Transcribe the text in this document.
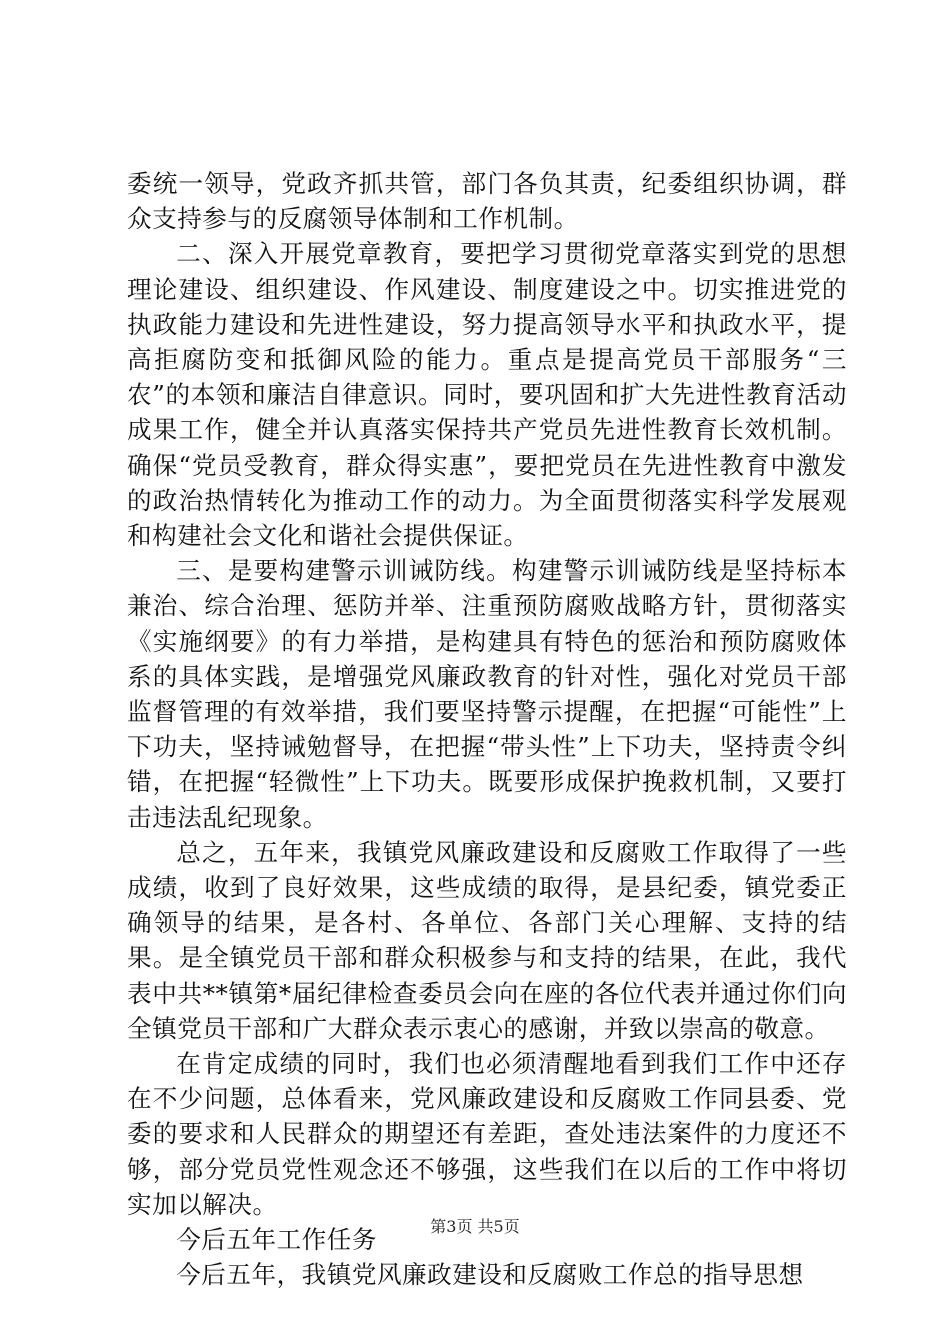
委统一领导，党政齐抓共管，部门各负其责，纪委组织协调，群众支持参与的反腐领导体制和工作机制。

二、深入开展党章教育，要把学习贯彻党章落实到党的思想理论建设、组织建设、作风建设、制度建设之中。切实推进党的执政能力建设和先进性建设，努力提高领导水平和执政水平，提高拒腐防变和抵御风险的能力。重点是提高党员干部服务“三农”的本领和廉洁自律意识。同时，要巩固和扩大先进性教育活动成果工作，健全并认真落实保持共产党员先进性教育长效机制。确保“党员受教育，群众得实惠”，要把党员在先进性教育中激发的政治热情转化为推动工作的动力。为全面贯彻落实科学发展观和构建社会文化和谐社会提供保证。

三、是要构建警示训诫防线。构建警示训诫防线是坚持标本兼治、综合治理、惩防并举、注重预防腐败战略方针，贯彻落实《实施纲要》的有力举措，是构建具有特色的惩治和预防腐败体系的具体实践，是增强党风廉政教育的针对性，强化对党员干部监督管理的有效举措，我们要坚持警示提醒，在把握“可能性”上下功夫，坚持诫勉督导，在把握“带头性”上下功夫，坚持责令纠错，在把握“轻微性”上下功夫。既要形成保护挽救机制，又要打击违法乱纪现象。

总之，五年来，我镇党风廉政建设和反腐败工作取得了一些成绩，收到了良好效果，这些成绩的取得，是县纪委，镇党委正确领导的结果，是各村、各单位、各部门关心理解、支持的结果。是全镇党员干部和群众积极参与和支持的结果，在此，我代表中共**镇第*届纪律检查委员会向在座的各位代表并通过你们向全镇党员干部和广大群众表示衷心的感谢，并致以崇高的敬意。

在肯定成绩的同时，我们也必须清醒地看到我们工作中还存在不少问题，总体看来，党风廉政建设和反腐败工作同县委、党委的要求和人民群众的期望还有差距，查处违法案件的力度还不够，部分党员党性观念还不够强，这些我们在以后的工作中将切实加以解决。

今后五年工作任务

今后五年，我镇党风廉政建设和反腐败工作总的指导思想

第3页 共5页
